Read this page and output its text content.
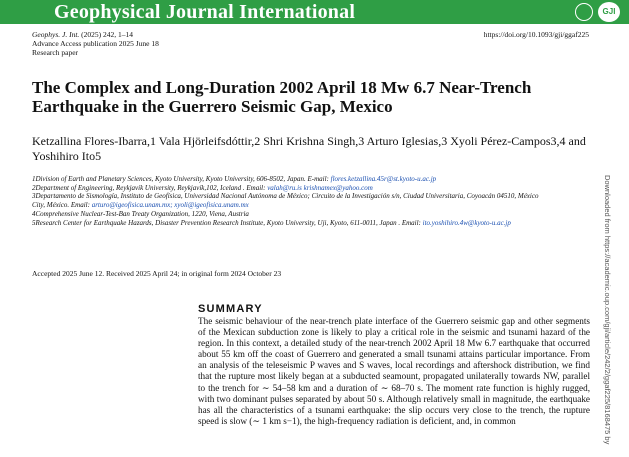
Geophysical Journal International	GJI
Geophys. J. Int. (2025) 242, 1–14
Advance Access publication 2025 June 18
Research paper
https://doi.org/10.1093/gji/ggaf225
The Complex and Long-Duration 2002 April 18 Mw 6.7 Near-Trench Earthquake in the Guerrero Seismic Gap, Mexico
Ketzallina Flores-Ibarra,1 Vala Hjörleifsdóttir,2 Shri Krishna Singh,3 Arturo Iglesias,3 Xyoli Pérez-Campos3,4 and Yoshihiro Ito5
1Division of Earth and Planetary Sciences, Kyoto University, Kyoto University, 606-8502, Japan. E-mail: flores.ketzallina.45r@st.kyoto-u.ac.jp
2Department of Engineering, Reykjavík University, Reykjavík,102, Iceland . Email: valah@ru.is krishnamex@yahoo.com
3Departamento de Sismología, Instituto de Geofísica, Universidad Nacional Autónoma de México; Circuito de la Investigación s/n, Ciudad Universitaria, Coyoacán 04510, México City, México. Email: arturo@igeofisica.unam.mx; xyoli@igeofisica.unam.mx
4Comprehensive Nuclear-Test-Ban Treaty Organization, 1220, Viena, Austria
5Research Center for Earthquake Hazards, Disaster Prevention Research Institute, Kyoto University, Uji, Kyoto, 611-0011, Japan . Email: ito.yoshihiro.4w@kyoto-u.ac.jp
Accepted 2025 June 12. Received 2025 April 24; in original form 2024 October 23
SUMMARY
The seismic behaviour of the near-trench plate interface of the Guerrero seismic gap and other segments of the Mexican subduction zone is likely to play a critical role in the seismic and tsunami hazard of the region. In this context, a detailed study of the near-trench 2002 April 18 Mw 6.7 earthquake that occurred about 55 km off the coast of Guerrero and generated a small tsunami attains particular importance. From an analysis of the teleseismic P waves and S waves, local recordings and aftershock distribution, we find that the rupture most likely began at a subducted seamount, propagated unilaterally towards NW, parallel to the trench for ∼ 54–58 km and a duration of ∼ 68–70 s. The moment rate function is highly rugged, with two dominant pulses separated by about 50 s. Although relatively small in magnitude, the earthquake has all the characteristics of a tsunami earthquake: the slip occurs very close to the trench, the rupture speed is slow (∼ 1 km s−1), the high-frequency radiation is deficient, and, in common	Downloaded from https://academic.oup.com/gji/article/242/2/ggaf225/8168475 by
